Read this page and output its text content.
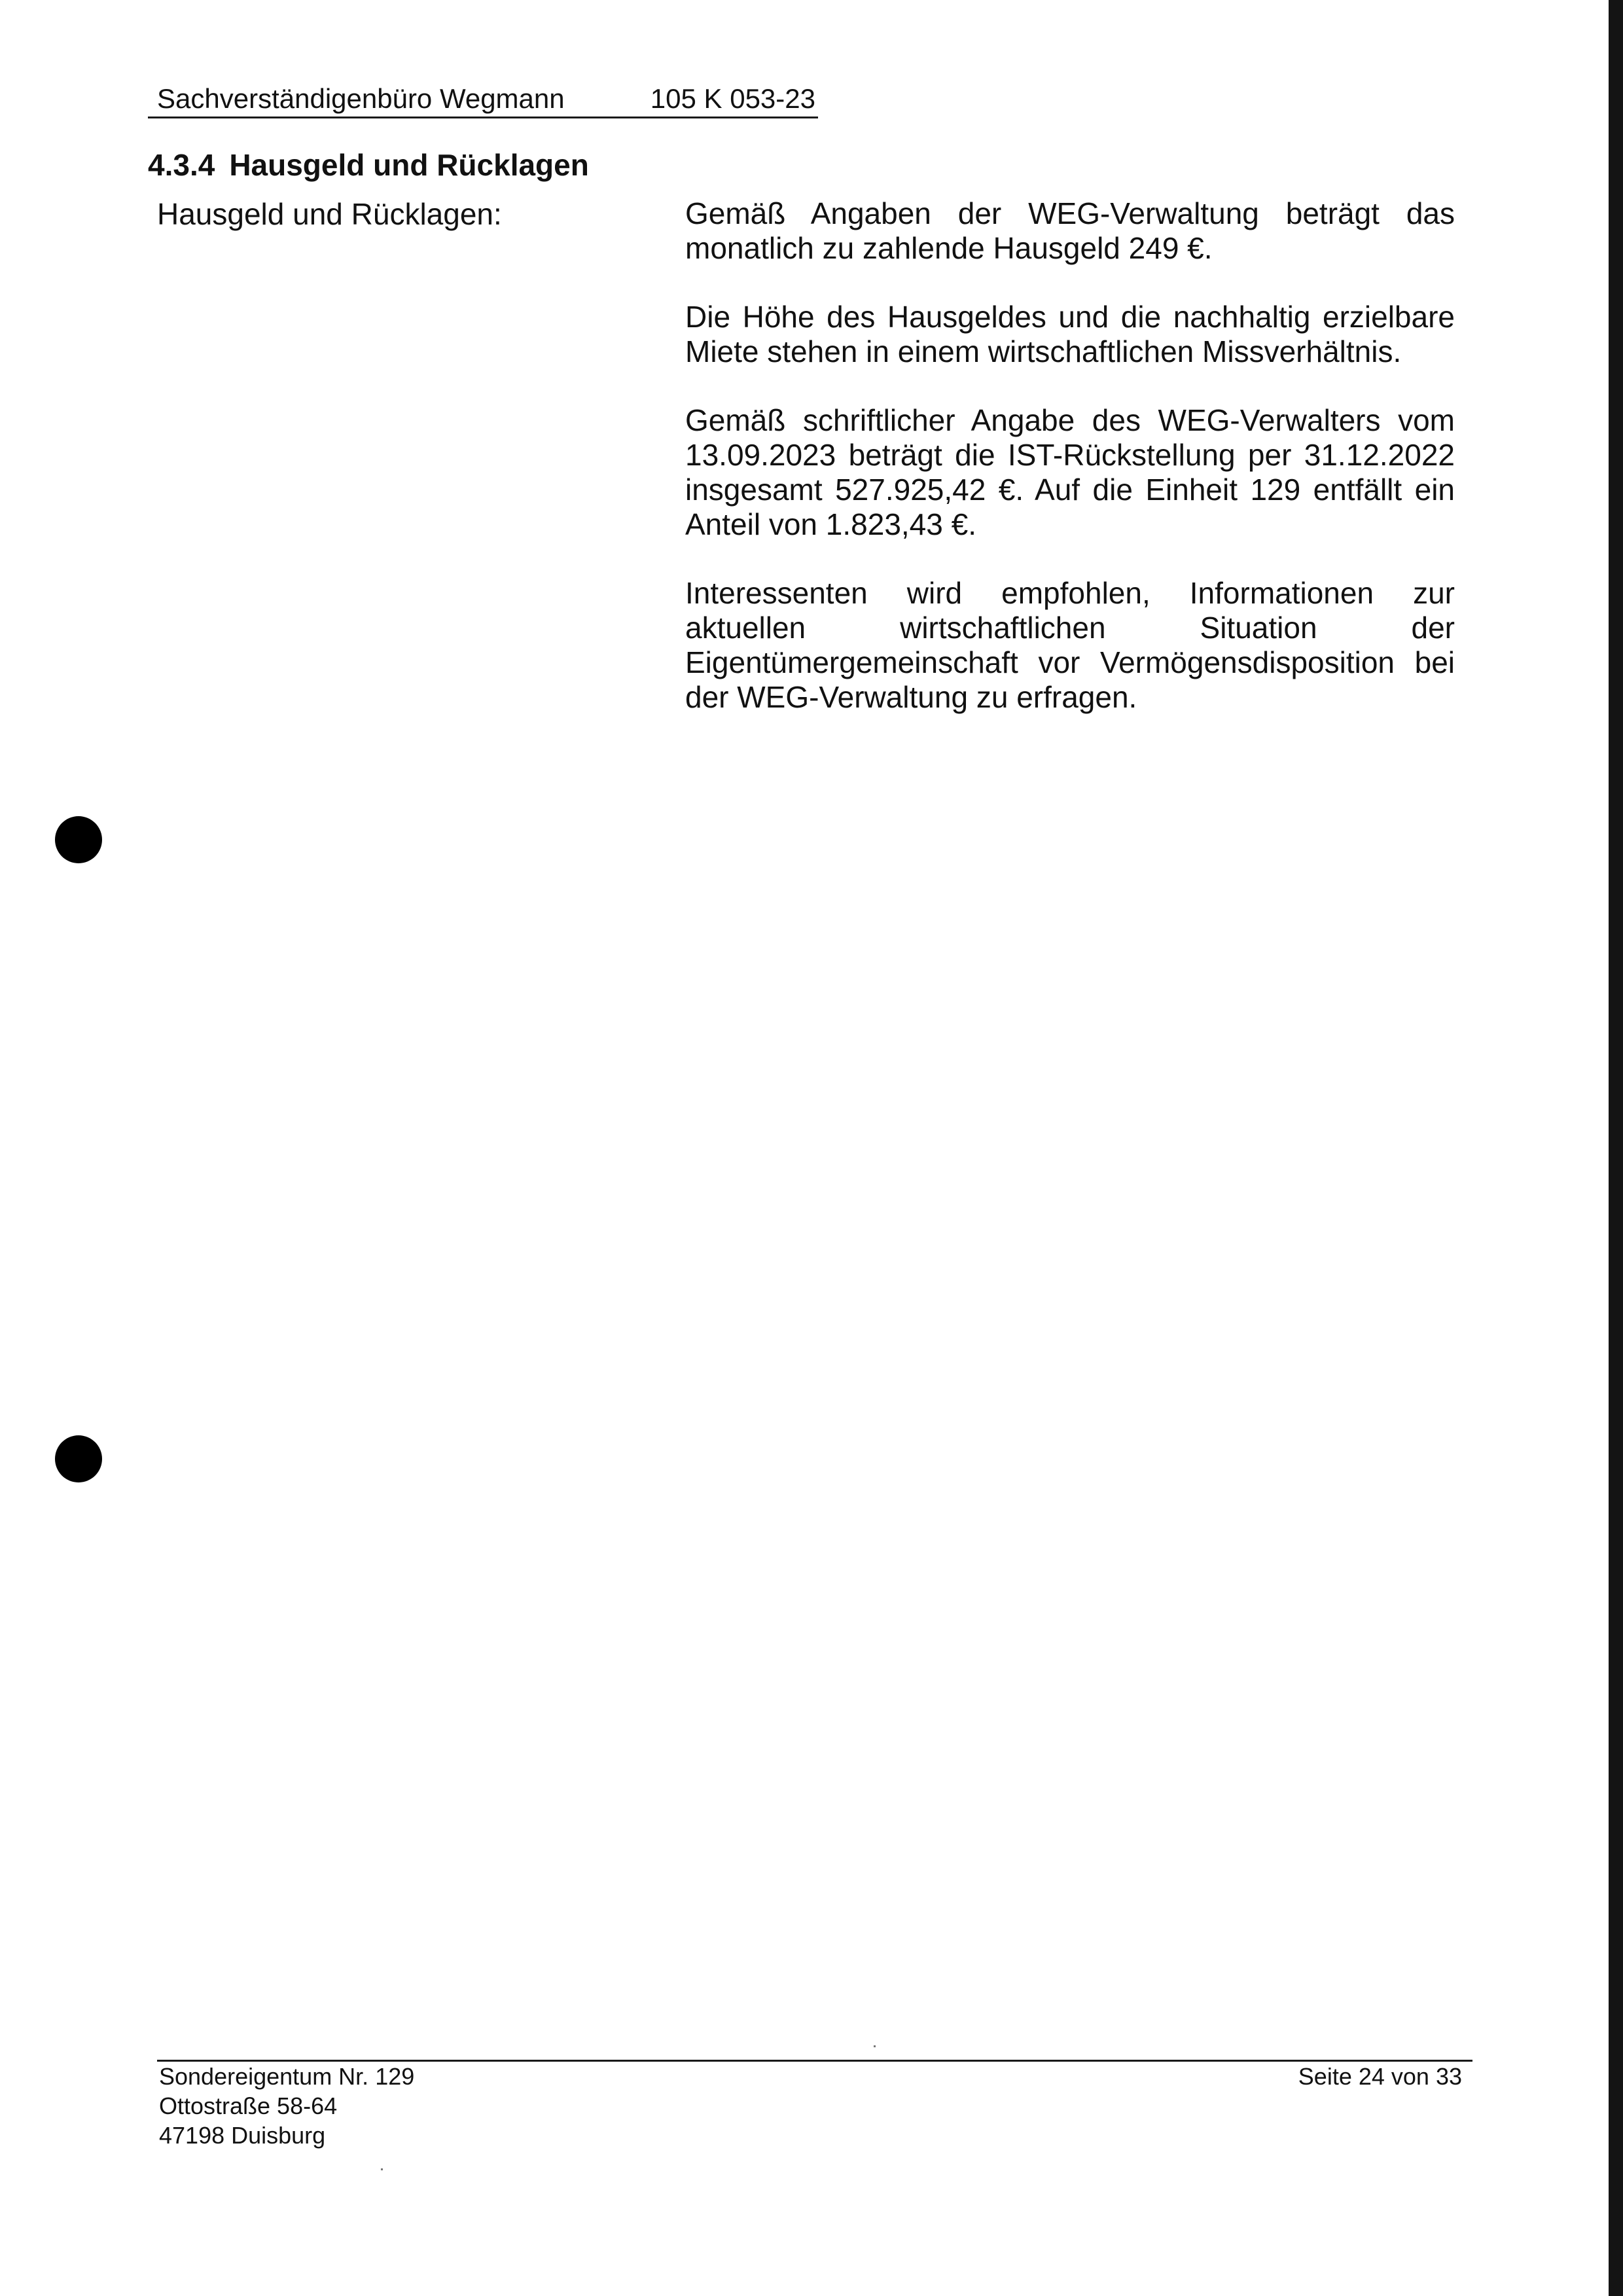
Sachverständigenbüro Wegmann	105 K 053-23
4.3.4 Hausgeld und Rücklagen
Hausgeld und Rücklagen:	Gemäß Angaben der WEG-Verwaltung beträgt das monatlich zu zahlende Hausgeld 249 €.

Die Höhe des Hausgeldes und die nachhaltig erzielbare Miete stehen in einem wirtschaftlichen Missverhältnis.

Gemäß schriftlicher Angabe des WEG-Verwalters vom 13.09.2023 beträgt die IST-Rückstellung per 31.12.2022 insgesamt 527.925,42 €. Auf die Einheit 129 entfällt ein Anteil von 1.823,43 €.

Interessenten wird empfohlen, Informationen zur aktuellen wirtschaftlichen Situation der Eigentümergemeinschaft vor Vermögensdisposition bei der WEG-Verwaltung zu erfragen.

Sondereigentum Nr. 129
Ottostraße 58-64
47198 Duisburg
Seite 24 von 33
